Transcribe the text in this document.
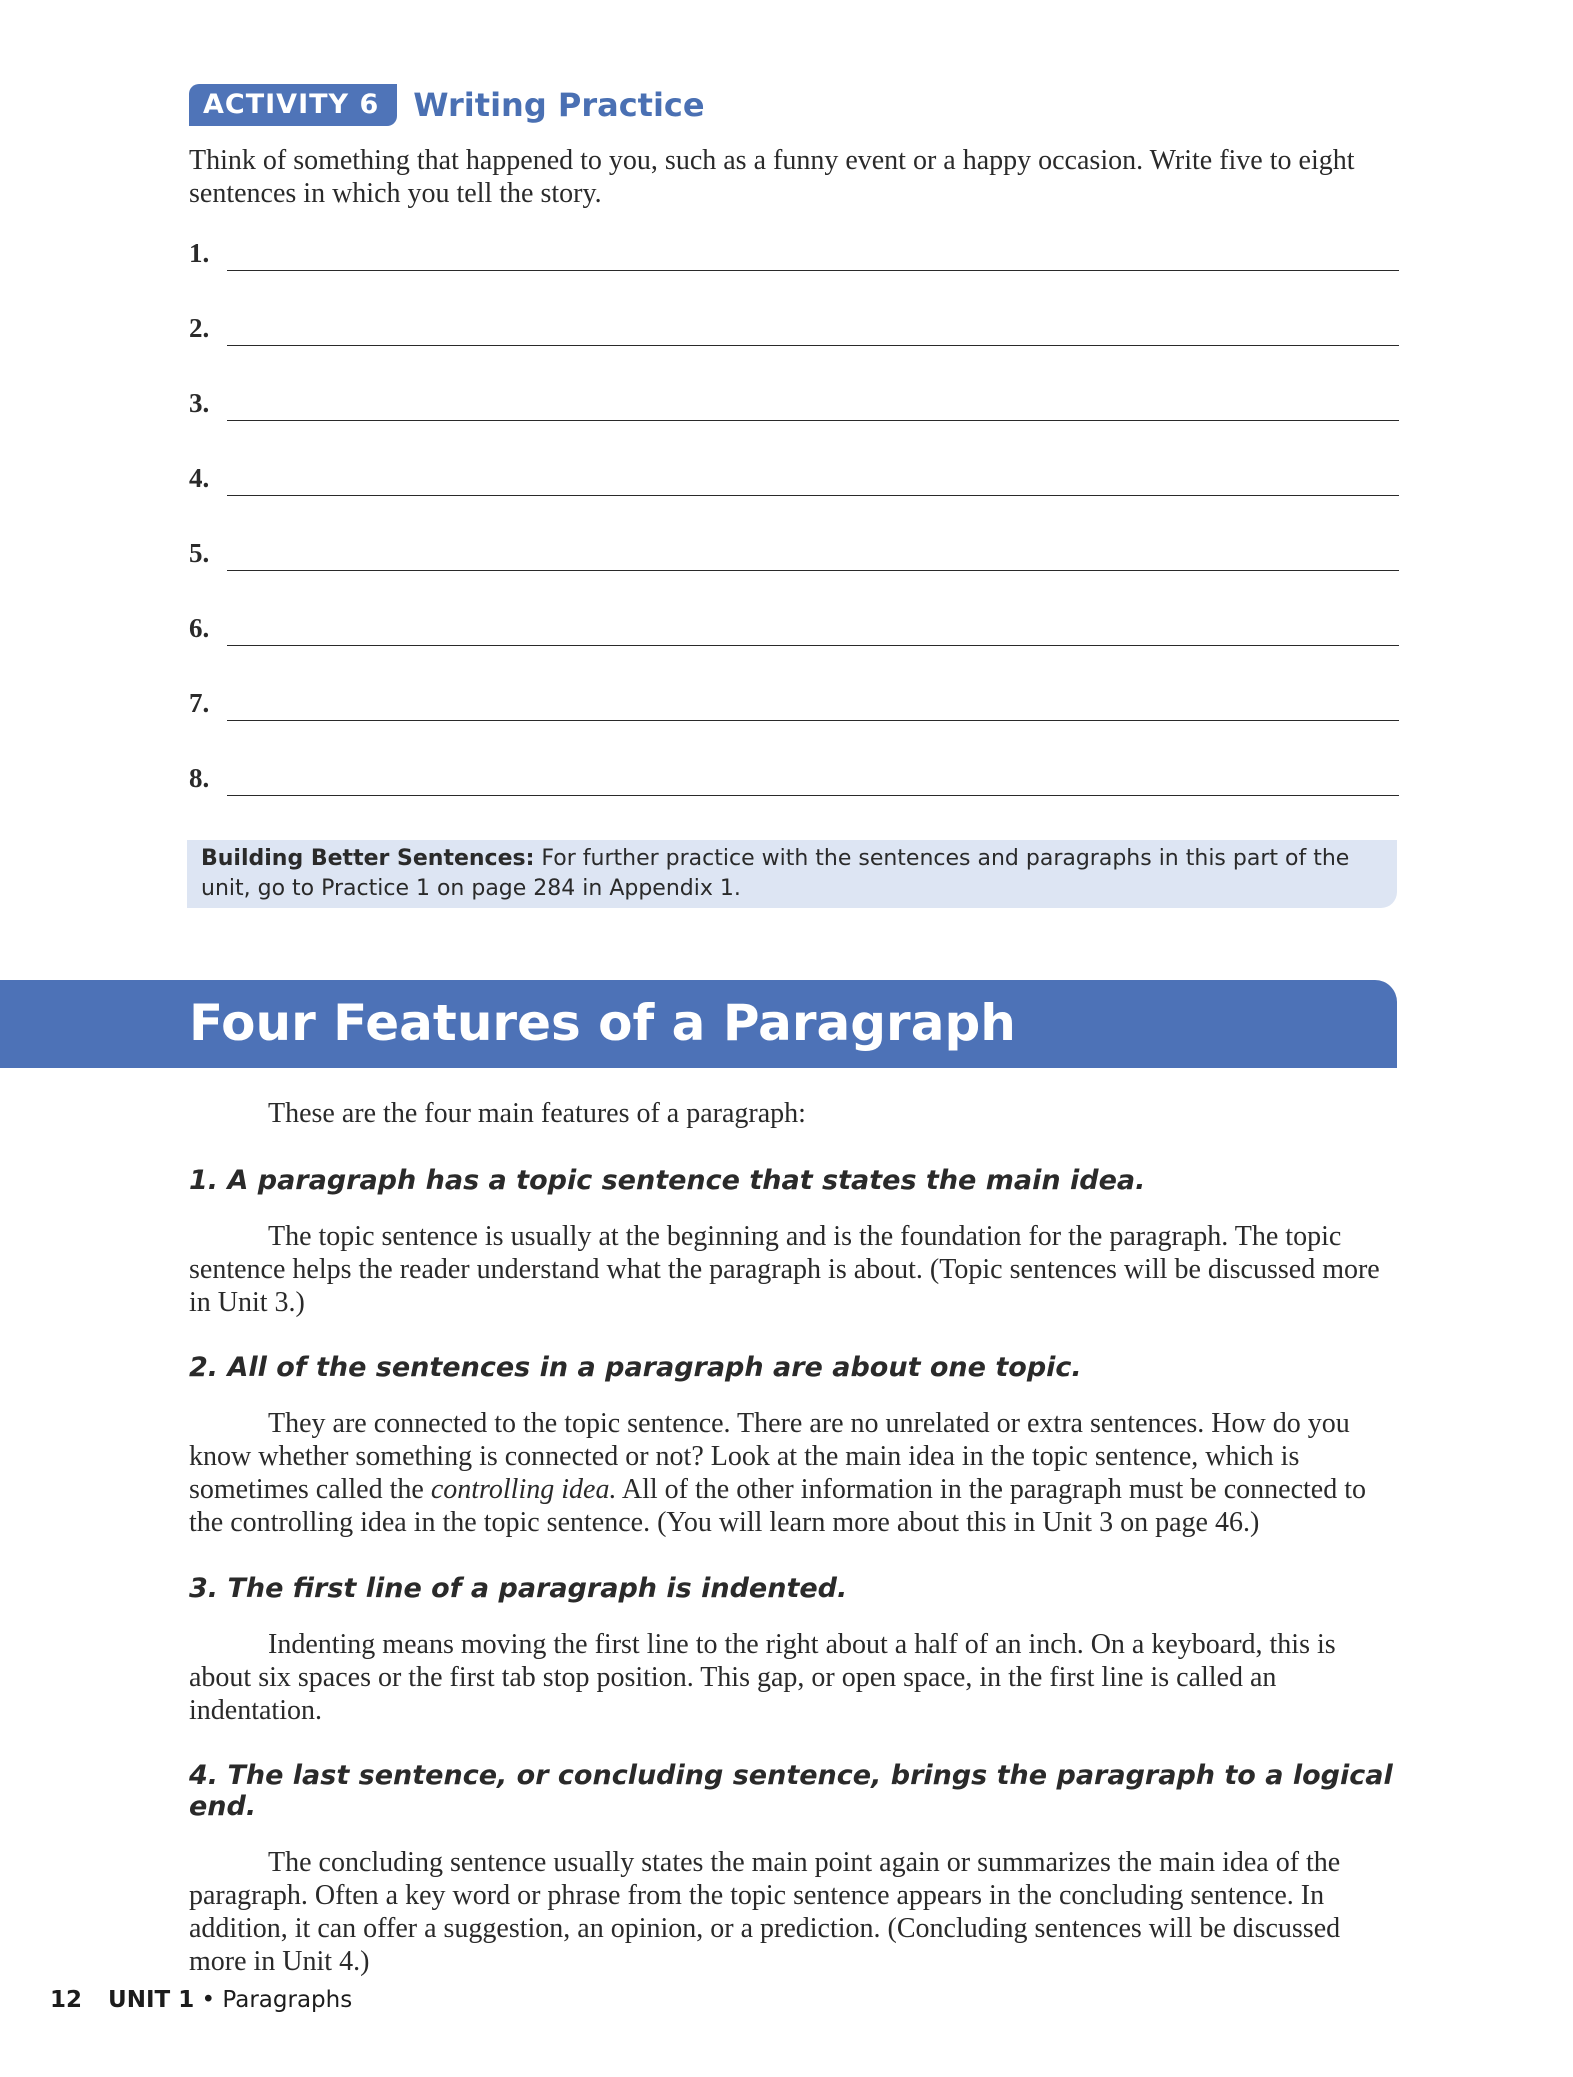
ACTIVITY 6	Writing Practice
Think of something that happened to you, such as a funny event or a happy occasion. Write five to eight sentences in which you tell the story.
1.
2.
3.
4.
5.
6.
7.
8.
Building Better Sentences: For further practice with the sentences and paragraphs in this part of the unit, go to Practice 1 on page 284 in Appendix 1.
Four Features of a Paragraph
These are the four main features of a paragraph:

1. A paragraph has a topic sentence that states the main idea.

The topic sentence is usually at the beginning and is the foundation for the paragraph. The topic sentence helps the reader understand what the paragraph is about. (Topic sentences will be discussed more in Unit 3.)

2. All of the sentences in a paragraph are about one topic.

They are connected to the topic sentence. There are no unrelated or extra sentences. How do you know whether something is connected or not? Look at the main idea in the topic sentence, which is sometimes called the controlling idea. All of the other information in the paragraph must be connected to the controlling idea in the topic sentence. (You will learn more about this in Unit 3 on page 46.)

3. The first line of a paragraph is indented.

Indenting means moving the first line to the right about a half of an inch. On a keyboard, this is about six spaces or the first tab stop position. This gap, or open space, in the first line is called an indentation.

4. The last sentence, or concluding sentence, brings the paragraph to a logical end.

The concluding sentence usually states the main point again or summarizes the main idea of the paragraph. Often a key word or phrase from the topic sentence appears in the concluding sentence. In addition, it can offer a suggestion, an opinion, or a prediction. (Concluding sentences will be discussed more in Unit 4.)

12 UNIT 1 • Paragraphs
